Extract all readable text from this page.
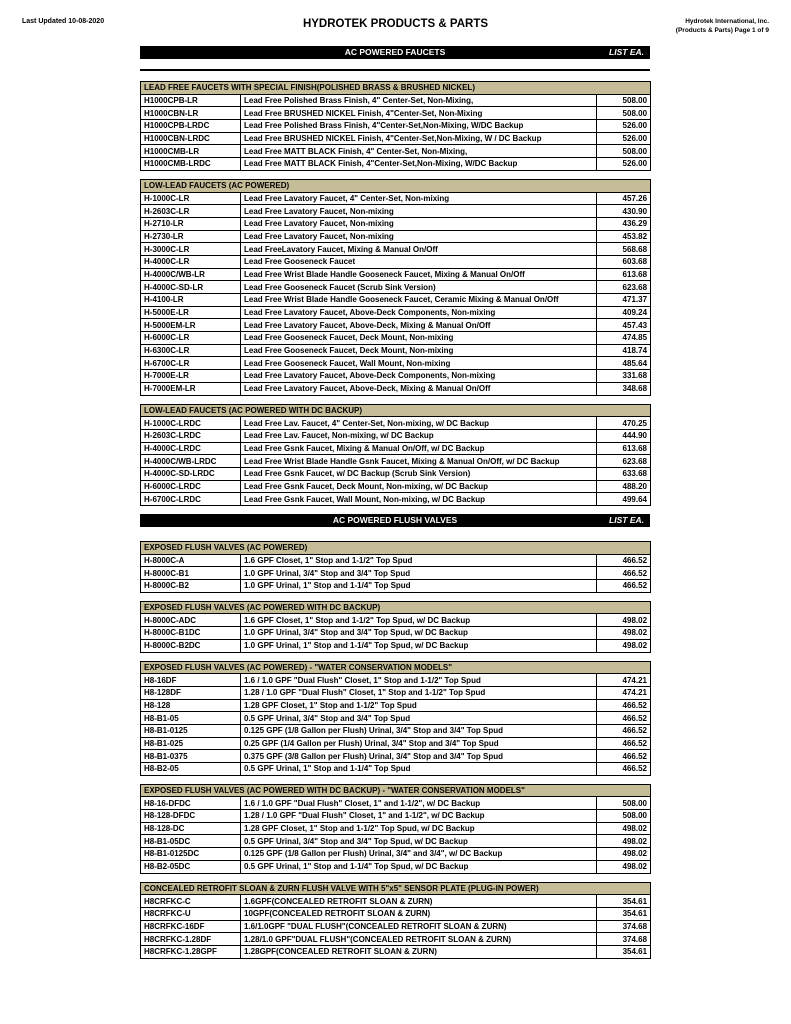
Last Updated 10-08-2020	HYDROTEK PRODUCTS & PARTS	Hydrotek International, Inc.
(Products & Parts) Page 1 of 9
AC POWERED FAUCETS	LIST EA.
LEAD FREE FAUCETS WITH SPECIAL FINISH(POLISHED BRASS & BRUSHED NICKEL)		
H1000CPB-LR	Lead Free Polished Brass Finish, 4" Center-Set, Non-Mixing,	508.00
H1000CBN-LR	Lead Free BRUSHED NICKEL Finish, 4"Center-Set, Non-Mixing	508.00
H1000CPB-LRDC	Lead Free Polished Brass Finish, 4"Center-Set,Non-Mixing, W/DC Backup	526.00
H1000CBN-LRDC	Lead Free BRUSHED NICKEL Finish, 4"Center-Set,Non-Mixing, W / DC Backup	526.00
H1000CMB-LR	Lead Free MATT BLACK Finish, 4" Center-Set, Non-Mixing,	508.00
H1000CMB-LRDC	Lead Free MATT BLACK Finish, 4"Center-Set,Non-Mixing, W/DC Backup	526.00
LOW-LEAD FAUCETS (AC POWERED)		
H-1000C-LR	Lead Free Lavatory Faucet, 4" Center-Set, Non-mixing	457.26
H-2603C-LR	Lead Free Lavatory Faucet, Non-mixing	430.90
H-2710-LR	Lead Free Lavatory Faucet, Non-mixing	436.29
H-2730-LR	Lead Free Lavatory Faucet, Non-mixing	453.82
H-3000C-LR	Lead FreeLavatory Faucet, Mixing & Manual On/Off	568.68
H-4000C-LR	Lead Free Gooseneck Faucet	603.68
H-4000C/WB-LR	Lead Free Wrist Blade Handle Gooseneck Faucet, Mixing & Manual On/Off	613.68
H-4000C-SD-LR	Lead Free Gooseneck Faucet (Scrub Sink Version)	623.68
H-4100-LR	Lead Free Wrist Blade Handle Gooseneck Faucet, Ceramic Mixing & Manual On/Off	471.37
H-5000E-LR	Lead Free Lavatory Faucet, Above-Deck Components, Non-mixing	409.24
H-5000EM-LR	Lead Free Lavatory Faucet, Above-Deck, Mixing & Manual On/Off	457.43
H-6000C-LR	Lead Free Gooseneck Faucet, Deck Mount, Non-mixing	474.85
H-6300C-LR	Lead Free Gooseneck Faucet, Deck Mount, Non-mixing	418.74
H-6700C-LR	Lead Free Gooseneck Faucet, Wall Mount, Non-mixing	485.64
H-7000E-LR	Lead Free Lavatory Faucet, Above-Deck Components, Non-mixing	331.68
H-7000EM-LR	Lead Free Lavatory Faucet, Above-Deck, Mixing & Manual On/Off	348.68
LOW-LEAD FAUCETS (AC POWERED WITH DC BACKUP)		
H-1000C-LRDC	Lead Free Lav. Faucet, 4" Center-Set, Non-mixing, w/ DC Backup	470.25
H-2603C-LRDC	Lead Free Lav. Faucet, Non-mixing, w/ DC Backup	444.90
H-4000C-LRDC	Lead Free Gsnk Faucet, Mixing & Manual On/Off, w/ DC Backup	613.68
H-4000C/WB-LRDC	Lead Free Wrist Blade Handle Gsnk Faucet, Mixing & Manual On/Off, w/ DC Backup	623.68
H-4000C-SD-LRDC	Lead Free Gsnk Faucet, w/ DC Backup (Scrub Sink Version)	633.68
H-6000C-LRDC	Lead Free Gsnk Faucet, Deck Mount, Non-mixing, w/ DC Backup	488.20
H-6700C-LRDC	Lead Free Gsnk Faucet, Wall Mount, Non-mixing, w/ DC Backup	499.64
AC POWERED FLUSH VALVES	LIST EA.
EXPOSED FLUSH VALVES (AC POWERED)		
H-8000C-A	1.6 GPF Closet, 1" Stop and 1-1/2" Top Spud	466.52
H-8000C-B1	1.0 GPF Urinal, 3/4" Stop and 3/4" Top Spud	466.52
H-8000C-B2	1.0 GPF Urinal, 1" Stop and 1-1/4" Top Spud	466.52
EXPOSED FLUSH VALVES (AC POWERED WITH DC BACKUP)		
H-8000C-ADC	1.6 GPF Closet, 1" Stop and 1-1/2" Top Spud, w/ DC Backup	498.02
H-8000C-B1DC	1.0 GPF Urinal, 3/4" Stop and 3/4" Top Spud, w/ DC Backup	498.02
H-8000C-B2DC	1.0 GPF Urinal, 1" Stop and 1-1/4" Top Spud, w/ DC Backup	498.02
EXPOSED FLUSH VALVES (AC POWERED) - "WATER CONSERVATION MODELS"		
H8-16DF	1.6 / 1.0 GPF "Dual Flush" Closet, 1" Stop and 1-1/2" Top Spud	474.21
H8-128DF	1.28 / 1.0 GPF "Dual Flush" Closet, 1" Stop and 1-1/2" Top Spud	474.21
H8-128	1.28 GPF Closet, 1" Stop and 1-1/2" Top Spud	466.52
H8-B1-05	0.5 GPF Urinal, 3/4" Stop and 3/4" Top Spud	466.52
H8-B1-0125	0.125 GPF (1/8 Gallon per Flush) Urinal, 3/4" Stop and 3/4" Top Spud	466.52
H8-B1-025	0.25 GPF (1/4 Gallon per Flush) Urinal, 3/4" Stop and 3/4" Top Spud	466.52
H8-B1-0375	0.375 GPF (3/8 Gallon per Flush) Urinal, 3/4" Stop and 3/4" Top Spud	466.52
H8-B2-05	0.5 GPF Urinal, 1" Stop and 1-1/4" Top Spud	466.52
EXPOSED FLUSH VALVES (AC POWERED WITH DC BACKUP) - "WATER CONSERVATION MODELS"		
H8-16-DFDC	1.6 / 1.0 GPF "Dual Flush" Closet, 1" and 1-1/2", w/ DC Backup	508.00
H8-128-DFDC	1.28 / 1.0 GPF "Dual Flush" Closet, 1" and 1-1/2", w/ DC Backup	508.00
H8-128-DC	1.28 GPF Closet, 1" Stop and 1-1/2" Top Spud, w/ DC Backup	498.02
H8-B1-05DC	0.5 GPF Urinal, 3/4" Stop and 3/4" Top Spud, w/ DC Backup	498.02
H8-B1-0125DC	0.125 GPF (1/8 Gallon per Flush) Urinal, 3/4" and 3/4", w/ DC Backup	498.02
H8-B2-05DC	0.5 GPF Urinal, 1" Stop and 1-1/4" Top Spud, w/ DC Backup	498.02
CONCEALED RETROFIT SLOAN & ZURN FLUSH VALVE WITH 5"x5" SENSOR PLATE (PLUG-IN POWER)		
H8CRFKC-C	1.6GPF(CONCEALED RETROFIT SLOAN & ZURN)	354.61
H8CRFKC-U	10GPF(CONCEALED RETROFIT SLOAN & ZURN)	354.61
H8CRFKC-16DF	1.6/1.0GPF "DUAL FLUSH"(CONCEALED RETROFIT SLOAN & ZURN)	374.68
H8CRFKC-1.28DF	1.28/1.0 GPF"DUAL FLUSH"(CONCEALED RETROFIT SLOAN & ZURN)	374.68
H8CRFKC-1.28GPF	1.28GPF(CONCEALED RETROFIT SLOAN & ZURN)	354.61
